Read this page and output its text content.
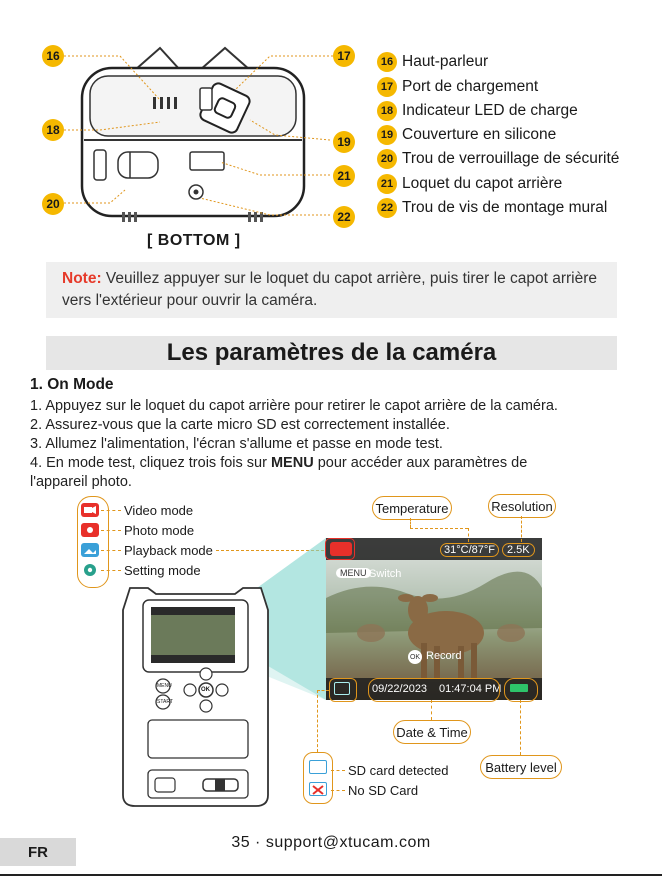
16	17
18
19
20
21
22
[ BOTTOM ]
16 Haut-parleur
17 Port de chargement
18 Indicateur LED de charge
19 Couverture en silicone
20 Trou de verrouillage de sécurité
21 Loquet du capot arrière
22 Trou de vis de montage mural
Note: Veuillez appuyer sur le loquet du capot arrière, puis tirer le capot arrière vers l'extérieur pour ouvrir la caméra.
Les paramètres de la caméra
1. On Mode
1. Appuyez sur le loquet du capot arrière pour retirer le capot arrière de la caméra.
2. Assurez-vous que la carte micro SD est correctement installée.
3. Allumez l'alimentation, l'écran s'allume et passe en mode test.
4. En mode test, cliquez trois fois sur MENU pour accéder aux paramètres de
l'appareil photo.
Video mode
Photo mode
Playback mode
Setting mode
MENU
START
OK
31°C/87°F	2.5K
MENU Switch
OK Record
09/22/2023 01:47:04 PM
Temperature	Resolution
Date & Time
Battery level
SD card detected
No SD Card
35 · support@xtucam.com
FR
